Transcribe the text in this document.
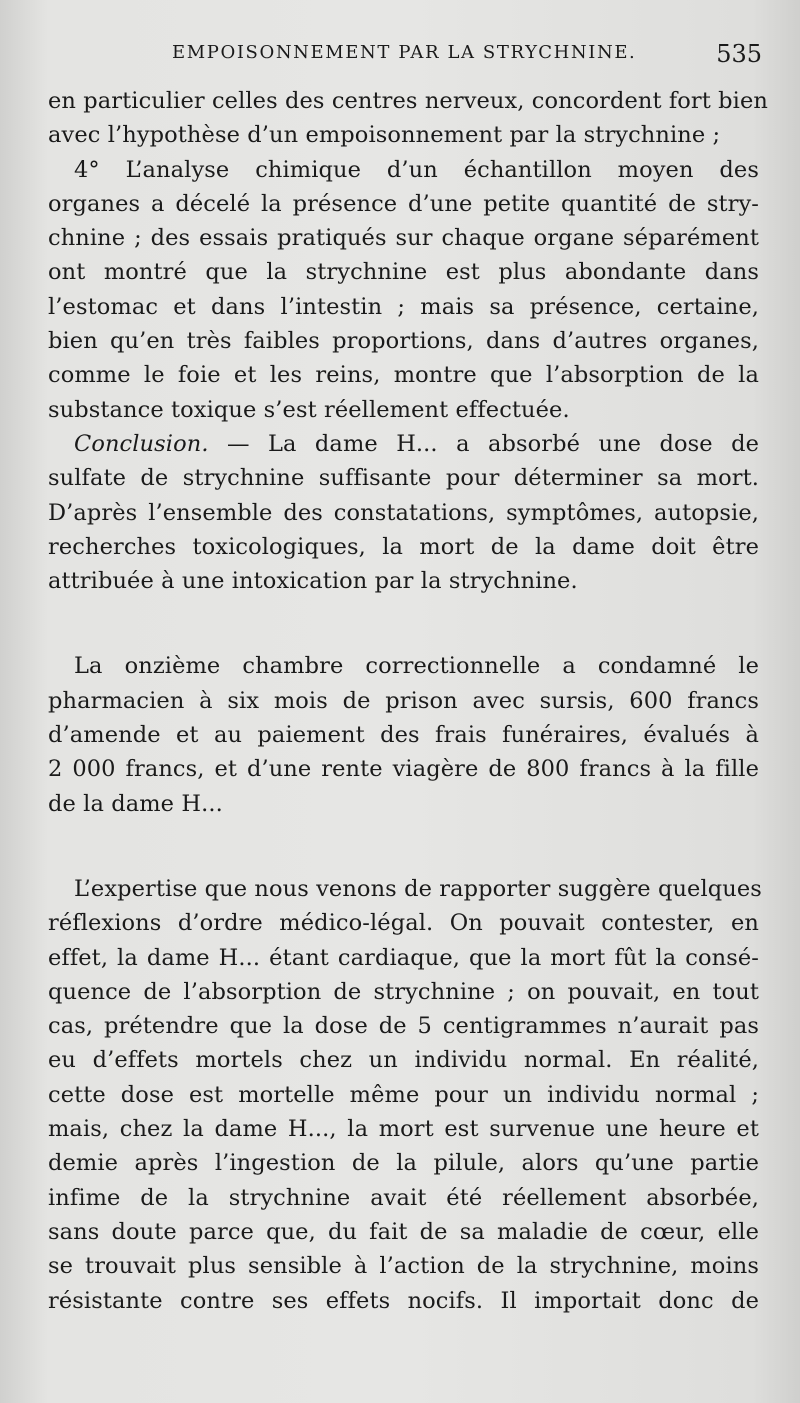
EMPOISONNEMENT PAR LA STRYCHNINE.	535
en particulier celles des centres nerveux, concordent fort bien
avec l’hypothèse d’un empoisonnement par la strychnine ;
4° L’analyse chimique d’un échantillon moyen des
organes a décelé la présence d’une petite quantité de stry-
chnine ; des essais pratiqués sur chaque organe séparément
ont montré que la strychnine est plus abondante dans
l’estomac et dans l’intestin ; mais sa présence, certaine,
bien qu’en très faibles proportions, dans d’autres organes,
comme le foie et les reins, montre que l’absorption de la
substance toxique s’est réellement effectuée.
Conclusion. — La dame H... a absorbé une dose de
sulfate de strychnine suffisante pour déterminer sa mort.
D’après l’ensemble des constatations, symptômes, autopsie,
recherches toxicologiques, la mort de la dame doit être
attribuée à une intoxication par la strychnine.
La onzième chambre correctionnelle a condamné le
pharmacien à six mois de prison avec sursis, 600 francs
d’amende et au paiement des frais funéraires, évalués à
2 000 francs, et d’une rente viagère de 800 francs à la fille
de la dame H...
L’expertise que nous venons de rapporter suggère quelques
réflexions d’ordre médico-légal. On pouvait contester, en
effet, la dame H... étant cardiaque, que la mort fût la consé-
quence de l’absorption de strychnine ; on pouvait, en tout
cas, prétendre que la dose de 5 centigrammes n’aurait pas
eu d’effets mortels chez un individu normal. En réalité,
cette dose est mortelle même pour un individu normal ;
mais, chez la dame H..., la mort est survenue une heure et
demie après l’ingestion de la pilule, alors qu’une partie
infime de la strychnine avait été réellement absorbée,
sans doute parce que, du fait de sa maladie de cœur, elle
se trouvait plus sensible à l’action de la strychnine, moins
résistante contre ses effets nocifs. Il importait donc de
